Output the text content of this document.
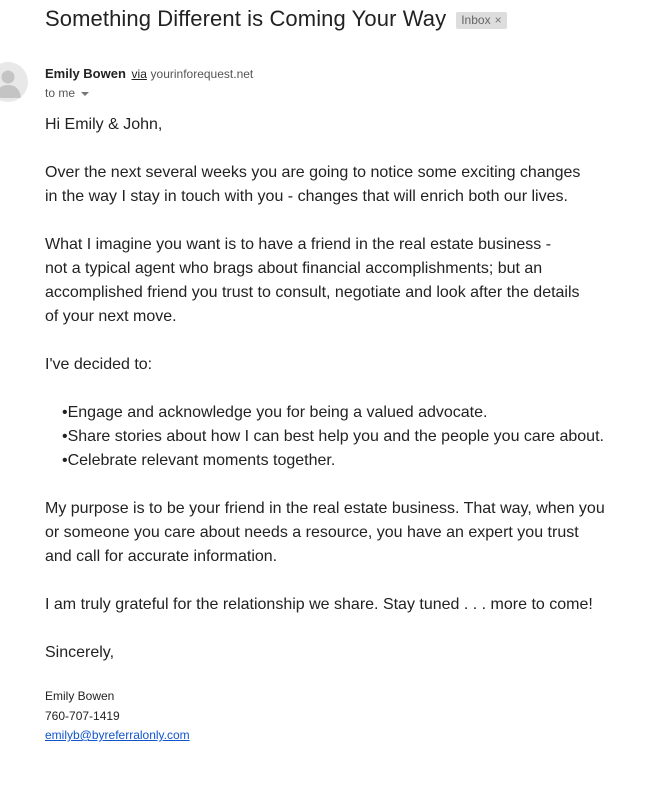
Something Different is Coming Your Way Inbox ×
Emily Bowen via yourinforequest.net
to me

Hi Emily & John,

Over the next several weeks you are going to notice some exciting changes
in the way I stay in touch with you - changes that will enrich both our lives.

What I imagine you want is to have a friend in the real estate business -
not a typical agent who brags about financial accomplishments; but an
accomplished friend you trust to consult, negotiate and look after the details
of your next move.

I've decided to:

•Engage and acknowledge you for being a valued advocate.
•Share stories about how I can best help you and the people you care about.
•Celebrate relevant moments together.

My purpose is to be your friend in the real estate business. That way, when you
or someone you care about needs a resource, you have an expert you trust
and call for accurate information.

I am truly grateful for the relationship we share. Stay tuned . . . more to come!

Sincerely,

Emily Bowen
760-707-1419
emilyb@byreferralonly.com
